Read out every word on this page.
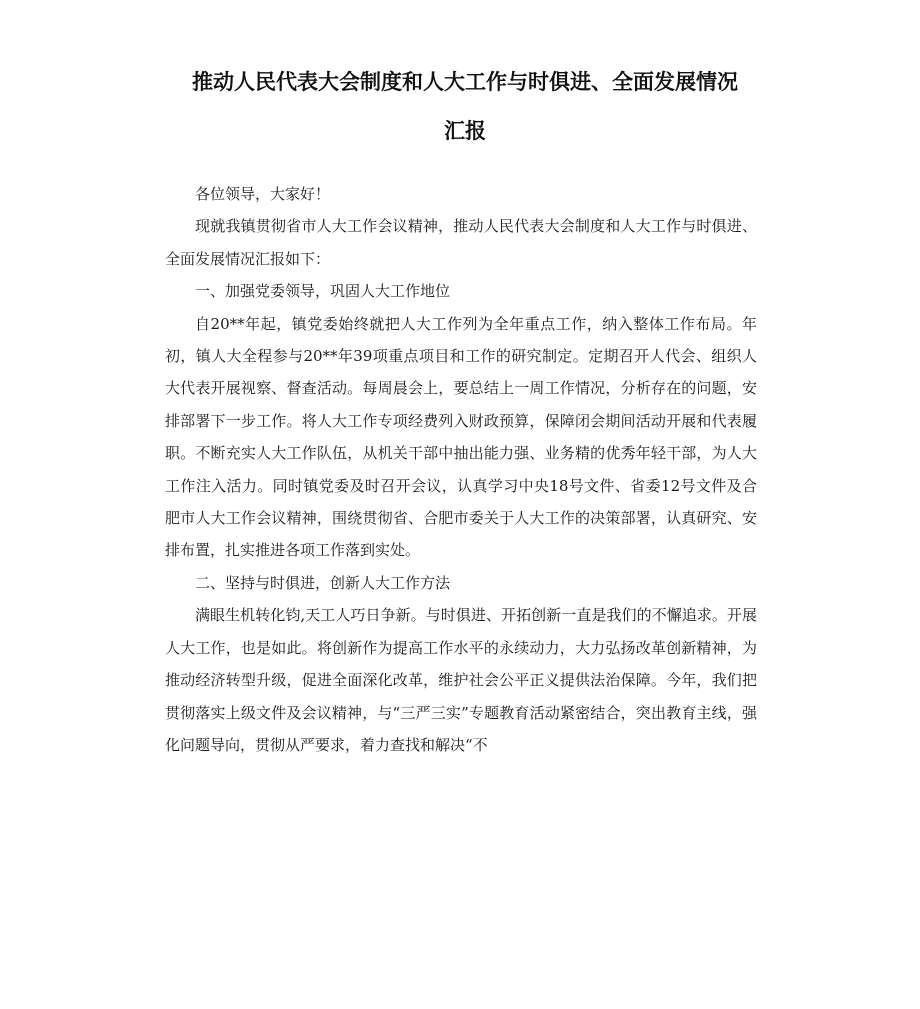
推动人民代表大会制度和人大工作与时俱进、全面发展情况
汇报

各位领导，大家好！

现就我镇贯彻省市人大工作会议精神，推动人民代表大会制度和人大工作与时俱进、全面发展情况汇报如下：

一、加强党委领导，巩固人大工作地位

自20**年起，镇党委始终就把人大工作列为全年重点工作，纳入整体工作布局。年初，镇人大全程参与20**年39项重点项目和工作的研究制定。定期召开人代会、组织人大代表开展视察、督查活动。每周晨会上，要总结上一周工作情况，分析存在的问题，安排部署下一步工作。将人大工作专项经费列入财政预算，保障闭会期间活动开展和代表履职。不断充实人大工作队伍，从机关干部中抽出能力强、业务精的优秀年轻干部，为人大工作注入活力。同时镇党委及时召开会议，认真学习中央18号文件、省委12号文件及合肥市人大工作会议精神，围绕贯彻省、合肥市委关于人大工作的决策部署，认真研究、安排布置，扎实推进各项工作落到实处。

二、坚持与时俱进，创新人大工作方法

满眼生机转化钧,天工人巧日争新。与时俱进、开拓创新一直是我们的不懈追求。开展人大工作，也是如此。将创新作为提高工作水平的永续动力，大力弘扬改革创新精神，为推动经济转型升级，促进全面深化改革，维护社会公平正义提供法治保障。今年，我们把贯彻落实上级文件及会议精神，与“三严三实”专题教育活动紧密结合，突出教育主线，强化问题导向，贯彻从严要求，着力查找和解决“不
